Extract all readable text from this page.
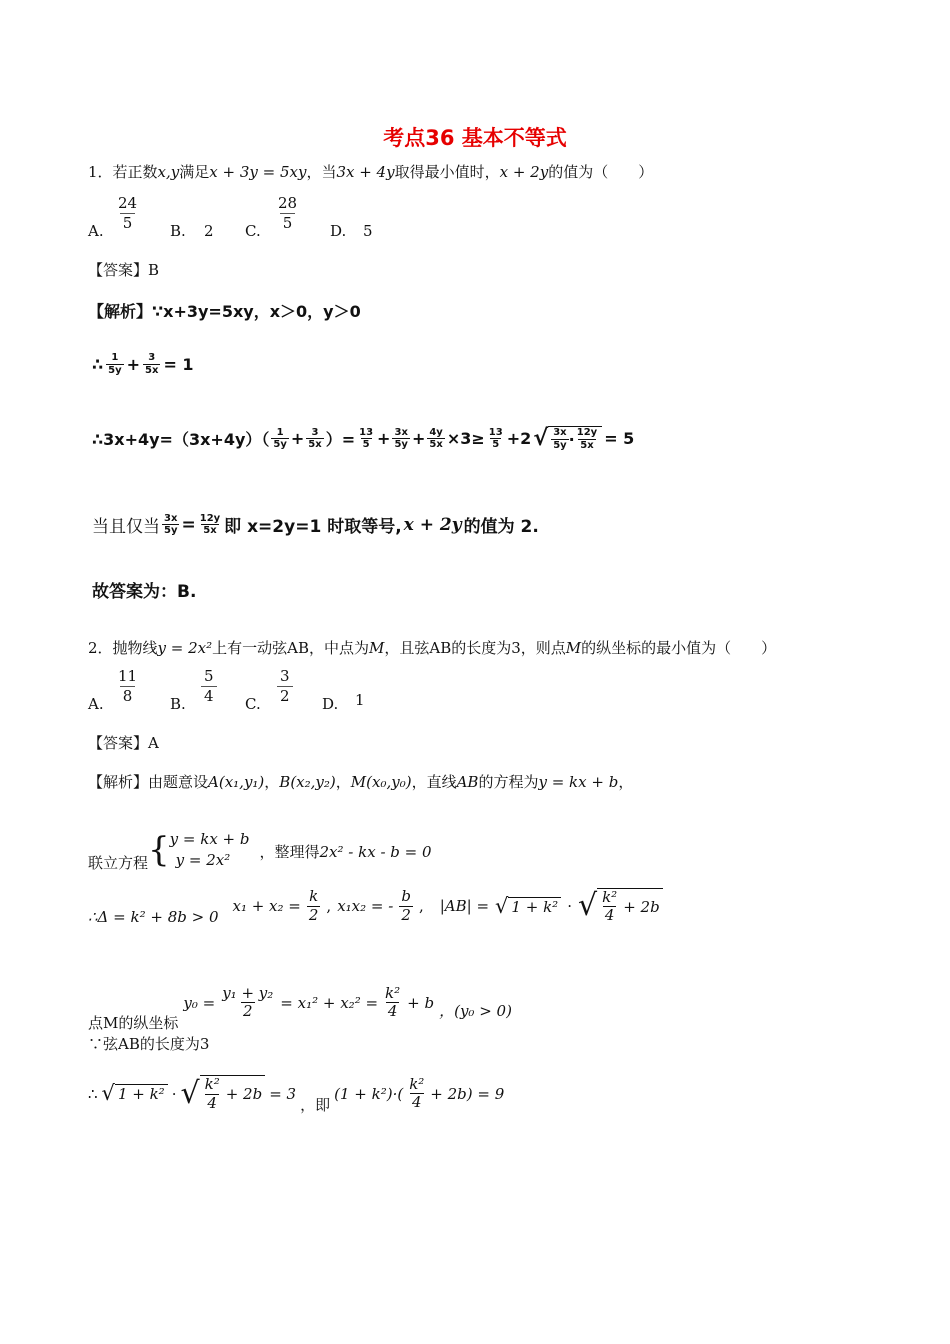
考点36 基本不等式
1．若正数x,y满足x + 3y = 5xy，当3x + 4y取得最小值时，x + 2y的值为（　　）
A. $\frac{24}{5} B$. 2 C. $\frac{28}{5} D$. 5
【答案】B
【解析】∵x+3y=5xy，x＞0，y＞0
∴ $\frac{1}{5y} + \frac{3}{5x} = 1$
∴3x+4y=（3x+4y）（ $\frac{1}{5y} + \frac{3}{5x}$ ）= $\frac{13}{5} + \frac{3x}{5y} + \frac{4y}{5x} \times 3\ge \frac{13}{5} +2$ √ $\frac{3x}{5y} \cdot \frac{12y}{5x} = 5$
当且仅当 $\frac{3x}{5y} = \frac{12y}{5x}$ 即 x=2y=1 时取等号, x + 2y 的值为 2.
故答案为：B.
2．抛物线y = 2x²上有一动弦AB，中点为M，且弦AB的长度为3，则点M的纵坐标的最小值为（　　）
A. $\frac{11}{8} B$. $\frac{5}{4} C$. $\frac{3}{2} D$. 1
【答案】A
【解析】由题意设A(x₁,y₁)，B(x₂,y₂)，M(x₀,y₀)，直线AB的方程为y = kx + b，
联立方程 { y = kx + b
y = 2x²	，整理得 2x² - kx - b = 0
∴Δ = k² + 8b > 0
$x_1 + x_2 = \frac{k}{2}$ , x₁x₂ = - $\frac{b}{2}$ , |AB| = √ 1 + k² · √ $\frac{\text{k²}}{4} + 2b$
点M的纵坐标
$y_0 = \frac{\text{y₁ + y₂}}{2} = x_1^2 + x_2^2 = \frac{\text{k²}}{4} + b$ ，(y₀ > 0)
∵弦AB的长度为3
∴ √ 1 + k² · √ $\frac{\text{k²}}{4} + 2b = 3$
，即
$(1 + k^2)\cdot( \frac{\text{k²}}{4} + 2b) = 9$
